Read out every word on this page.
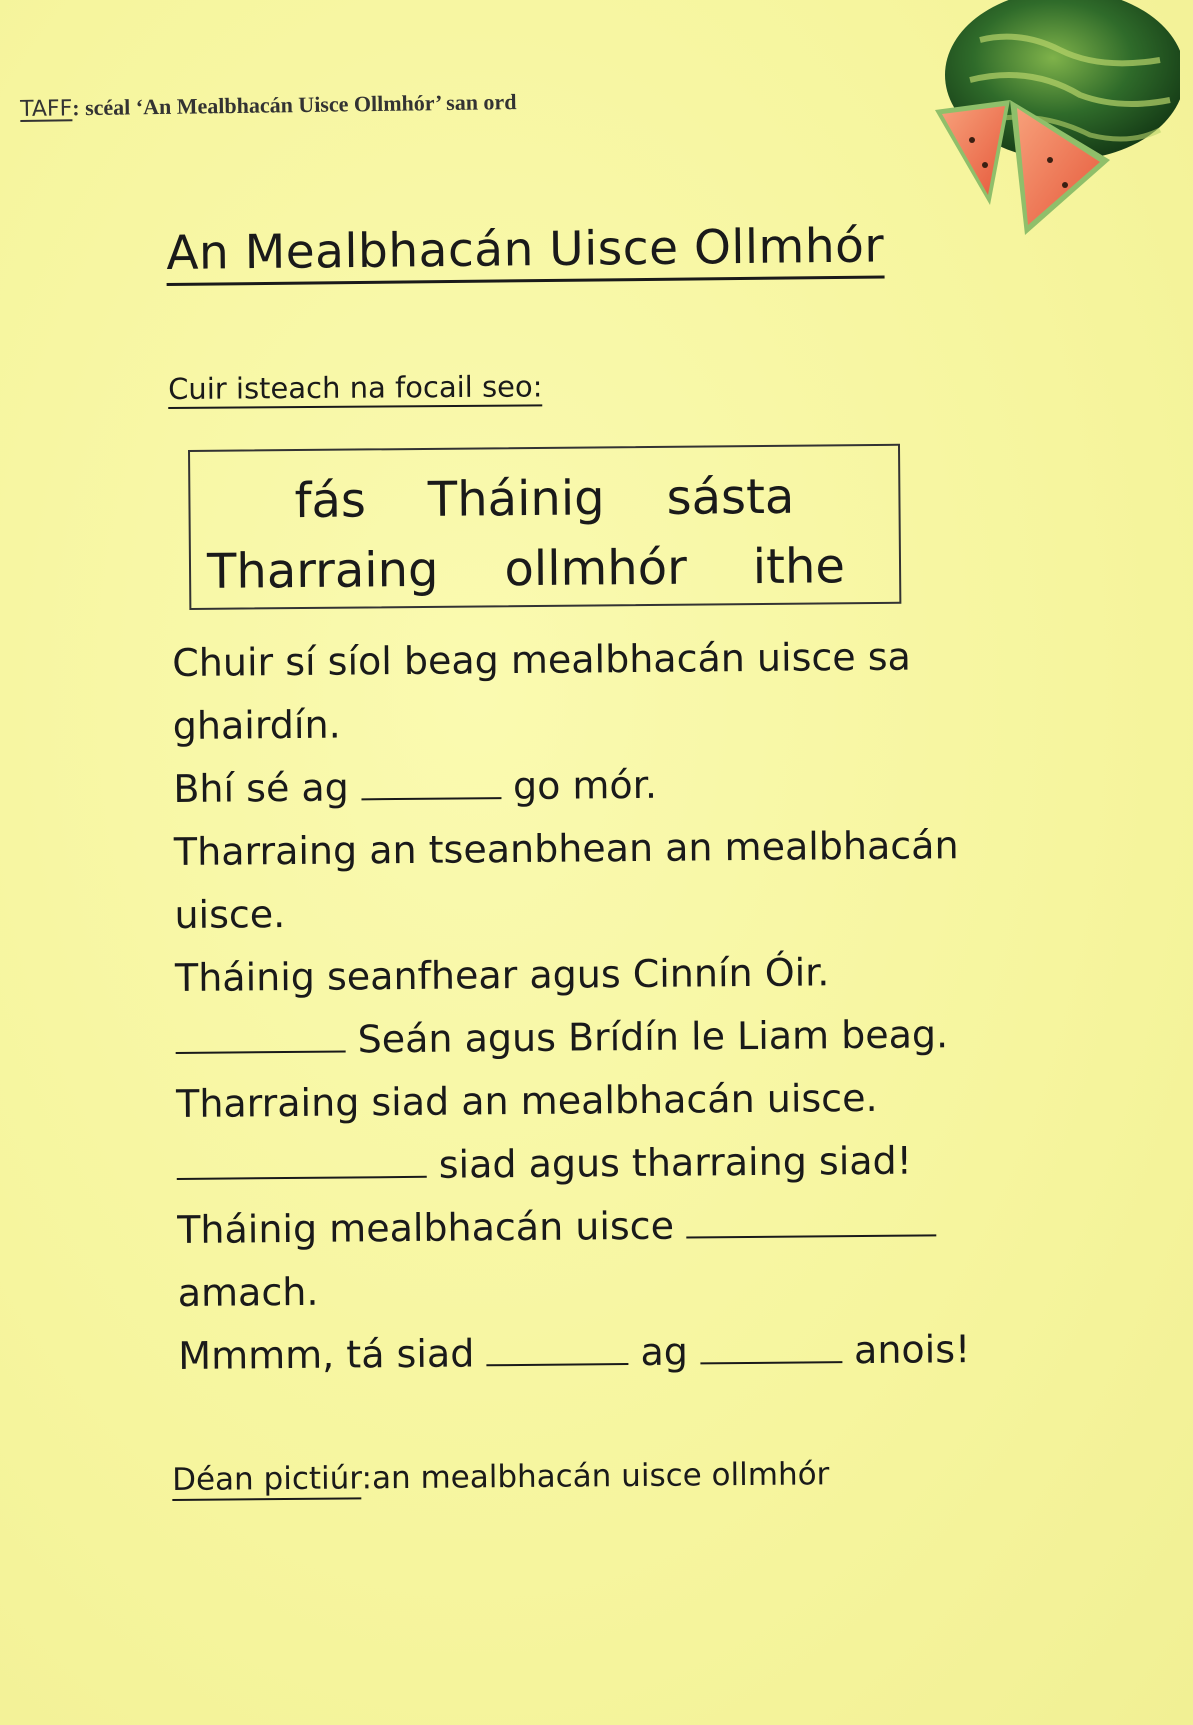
TAFF: scéal ‘An Mealbhacán Uisce Ollmhór’ san ord
An Mealbhacán Uisce Ollmhór
Cuir isteach na focail seo:
fás Tháinig sásta
Tharraing ollmhór ithe
Chuir sí síol beag mealbhacán uisce sa
ghairdín.
Bhí sé ag	go mór.
Tharraing an tseanbhean an mealbhacán
uisce.
Tháinig seanfhear agus Cinnín Óir.
Seán agus Brídín le Liam beag.
Tharraing siad an mealbhacán uisce.
siad agus tharraing siad!
Tháinig mealbhacán uisce
amach.
Mmmm, tá siad	ag	anois!
Déan pictiúr:an mealbhacán uisce ollmhór
